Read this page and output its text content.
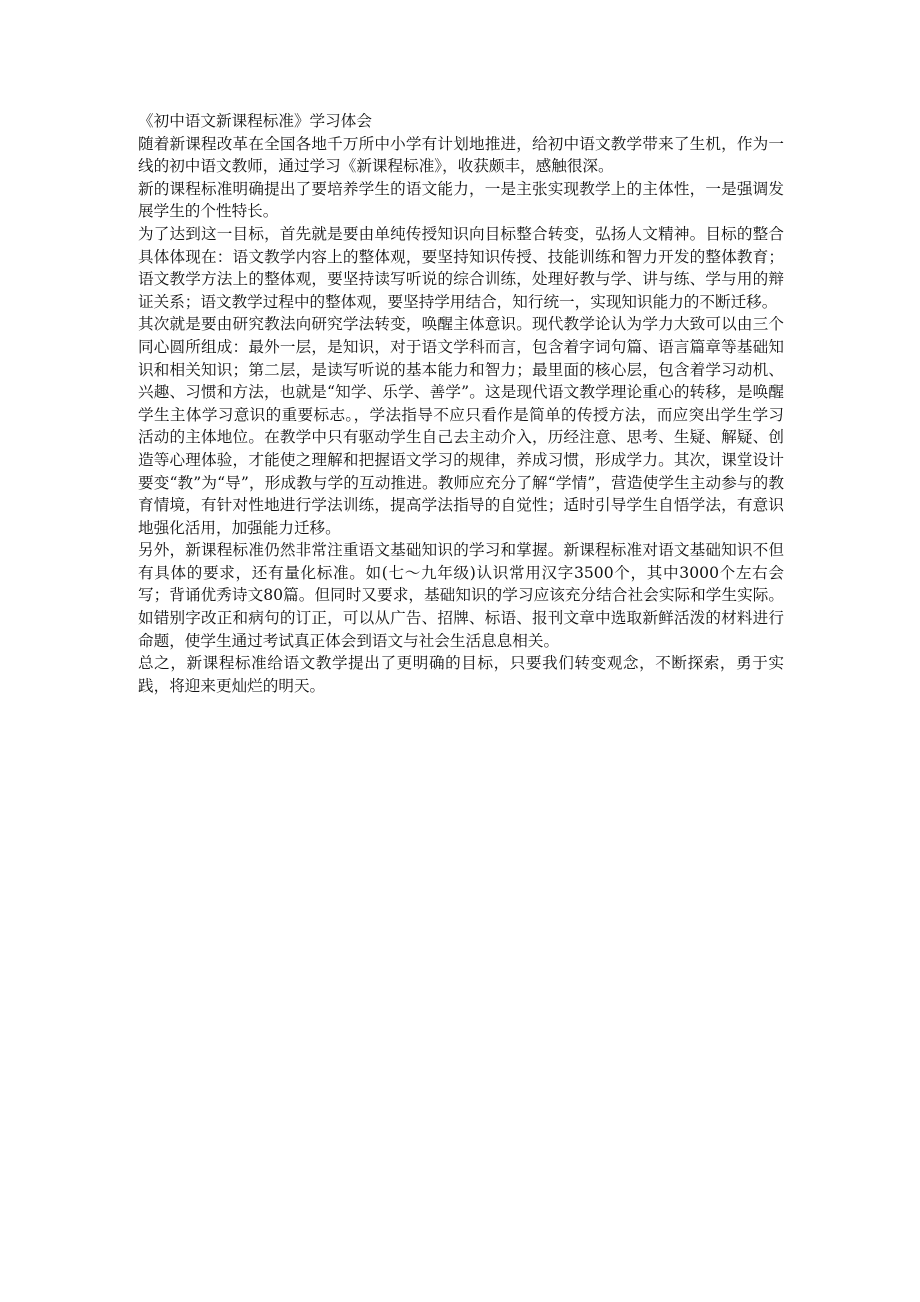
《初中语文新课程标准》学习体会

随着新课程改革在全国各地千万所中小学有计划地推进，给初中语文教学带来了生机，作为一线的初中语文教师，通过学习《新课程标准》，收获颇丰，感触很深。

新的课程标准明确提出了要培养学生的语文能力，一是主张实现教学上的主体性，一是强调发展学生的个性特长。

为了达到这一目标，首先就是要由单纯传授知识向目标整合转变，弘扬人文精神。目标的整合具体体现在：语文教学内容上的整体观，要坚持知识传授、技能训练和智力开发的整体教育；语文教学方法上的整体观，要坚持读写听说的综合训练，处理好教与学、讲与练、学与用的辩证关系；语文教学过程中的整体观，要坚持学用结合，知行统一，实现知识能力的不断迁移。

其次就是要由研究教法向研究学法转变，唤醒主体意识。现代教学论认为学力大致可以由三个同心圆所组成：最外一层，是知识，对于语文学科而言，包含着字词句篇、语言篇章等基础知识和相关知识；第二层，是读写听说的基本能力和智力；最里面的核心层，包含着学习动机、兴趣、习惯和方法，也就是“知学、乐学、善学”。这是现代语文教学理论重心的转移，是唤醒学生主体学习意识的重要标志。，学法指导不应只看作是简单的传授方法，而应突出学生学习活动的主体地位。在教学中只有驱动学生自己去主动介入，历经注意、思考、生疑、解疑、创造等心理体验，才能使之理解和把握语文学习的规律，养成习惯，形成学力。其次，课堂设计要变“教”为“导”，形成教与学的互动推进。教师应充分了解“学情”，营造使学生主动参与的教育情境，有针对性地进行学法训练，提高学法指导的自觉性；适时引导学生自悟学法，有意识地强化活用，加强能力迁移。

另外，新课程标准仍然非常注重语文基础知识的学习和掌握。新课程标准对语文基础知识不但有具体的要求，还有量化标准。如(七～九年级)认识常用汉字3500个，其中3000个左右会写；背诵优秀诗文80篇。但同时又要求，基础知识的学习应该充分结合社会实际和学生实际。如错别字改正和病句的订正，可以从广告、招牌、标语、报刊文章中选取新鲜活泼的材料进行命题，使学生通过考试真正体会到语文与社会生活息息相关。

总之，新课程标准给语文教学提出了更明确的目标，只要我们转变观念，不断探索，勇于实践，将迎来更灿烂的明天。
